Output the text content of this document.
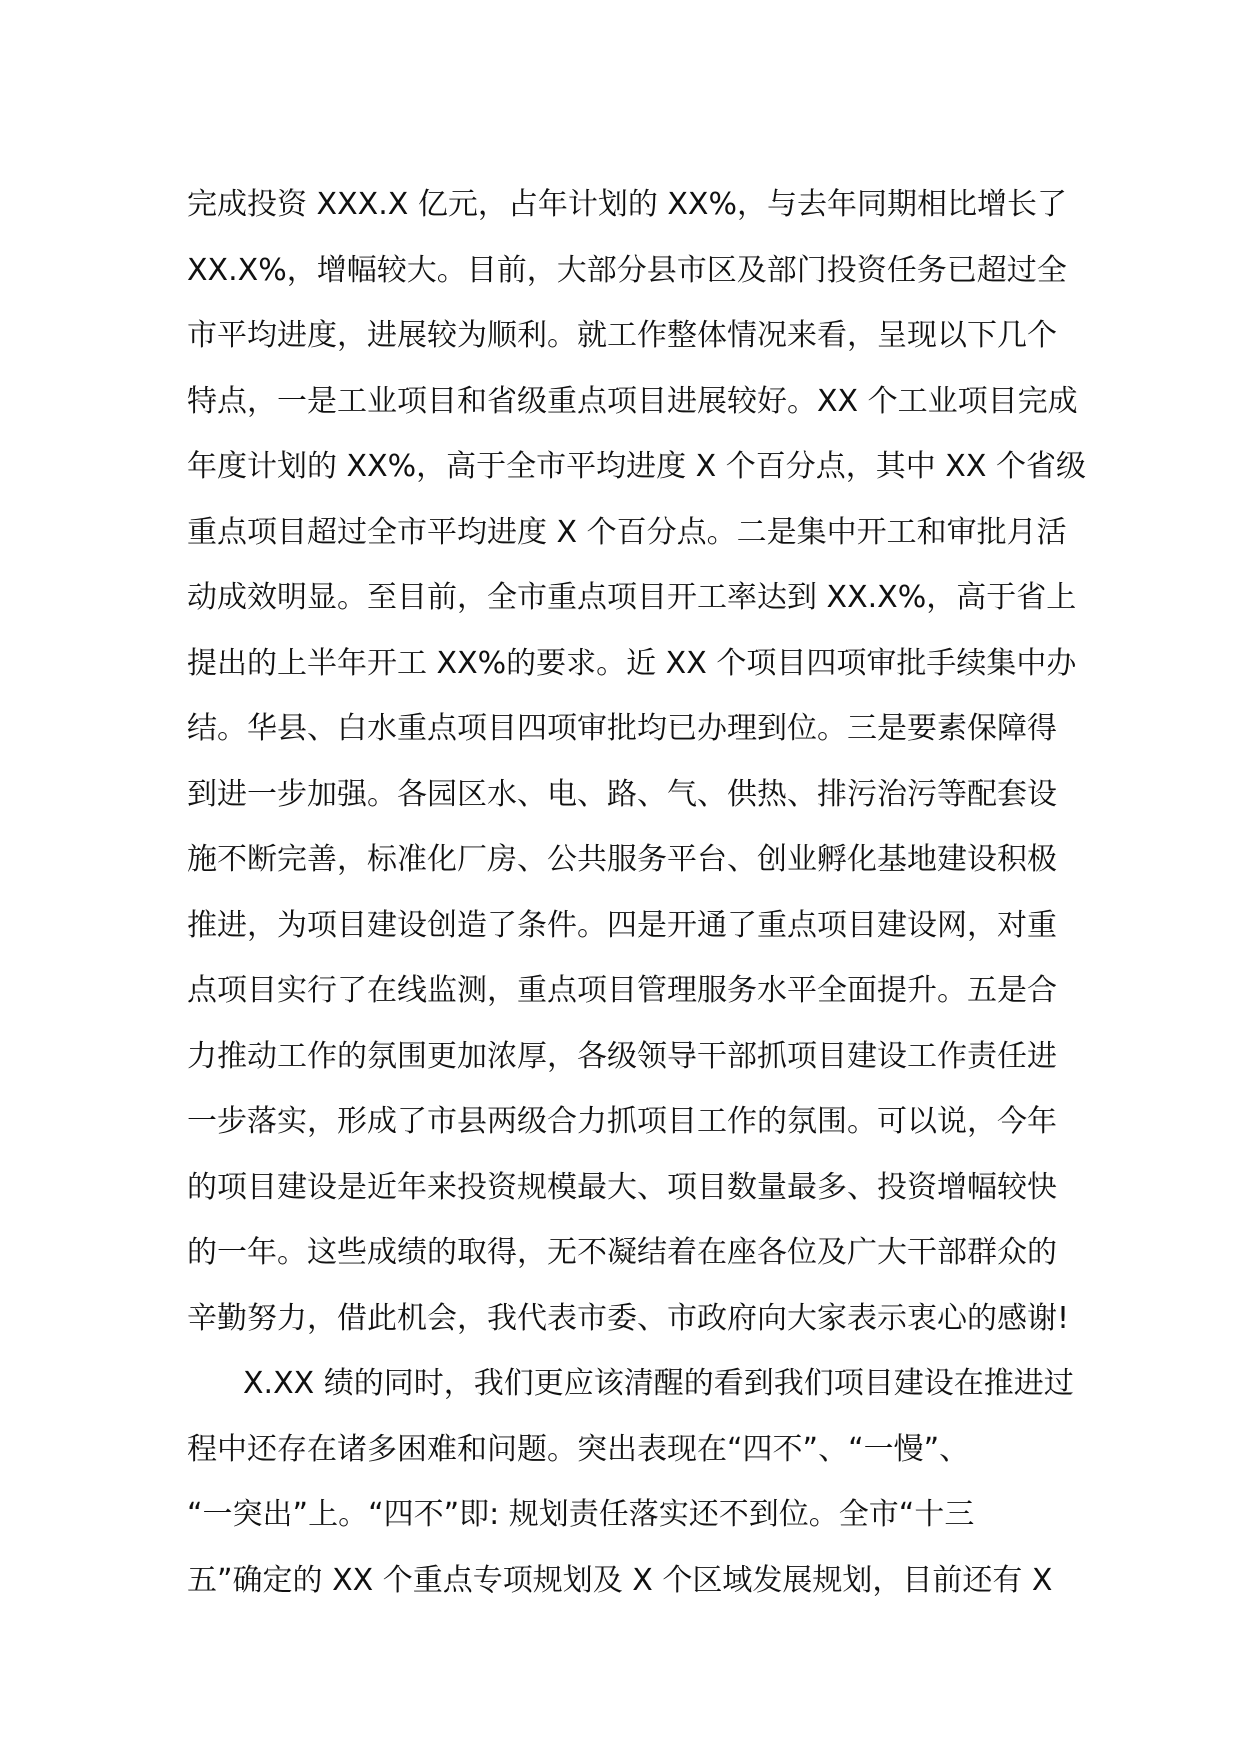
完成投资 XXX.X 亿元，占年计划的 XX%，与去年同期相比增长了
XX.X%，增幅较大。目前，大部分县市区及部门投资任务已超过全
市平均进度，进展较为顺利。就工作整体情况来看，呈现以下几个
特点，一是工业项目和省级重点项目进展较好。XX 个工业项目完成
年度计划的 XX%，高于全市平均进度 X 个百分点，其中 XX 个省级
重点项目超过全市平均进度 X 个百分点。二是集中开工和审批月活
动成效明显。至目前，全市重点项目开工率达到 XX.X%，高于省上
提出的上半年开工 XX%的要求。近 XX 个项目四项审批手续集中办
结。华县、白水重点项目四项审批均已办理到位。三是要素保障得
到进一步加强。各园区水、电、路、气、供热、排污治污等配套设
施不断完善，标准化厂房、公共服务平台、创业孵化基地建设积极
推进，为项目建设创造了条件。四是开通了重点项目建设网，对重
点项目实行了在线监测，重点项目管理服务水平全面提升。五是合
力推动工作的氛围更加浓厚，各级领导干部抓项目建设工作责任进
一步落实，形成了市县两级合力抓项目工作的氛围。可以说，今年
的项目建设是近年来投资规模最大、项目数量最多、投资增幅较快
的一年。这些成绩的取得，无不凝结着在座各位及广大干部群众的
辛勤努力，借此机会，我代表市委、市政府向大家表示衷心的感谢!
X.XX 绩的同时，我们更应该清醒的看到我们项目建设在推进过
程中还存在诸多困难和问题。突出表现在“四不”、“一慢”、
“一突出”上。“四不”即: 规划责任落实还不到位。全市“十三
五”确定的 XX 个重点专项规划及 X 个区域发展规划，目前还有 X
